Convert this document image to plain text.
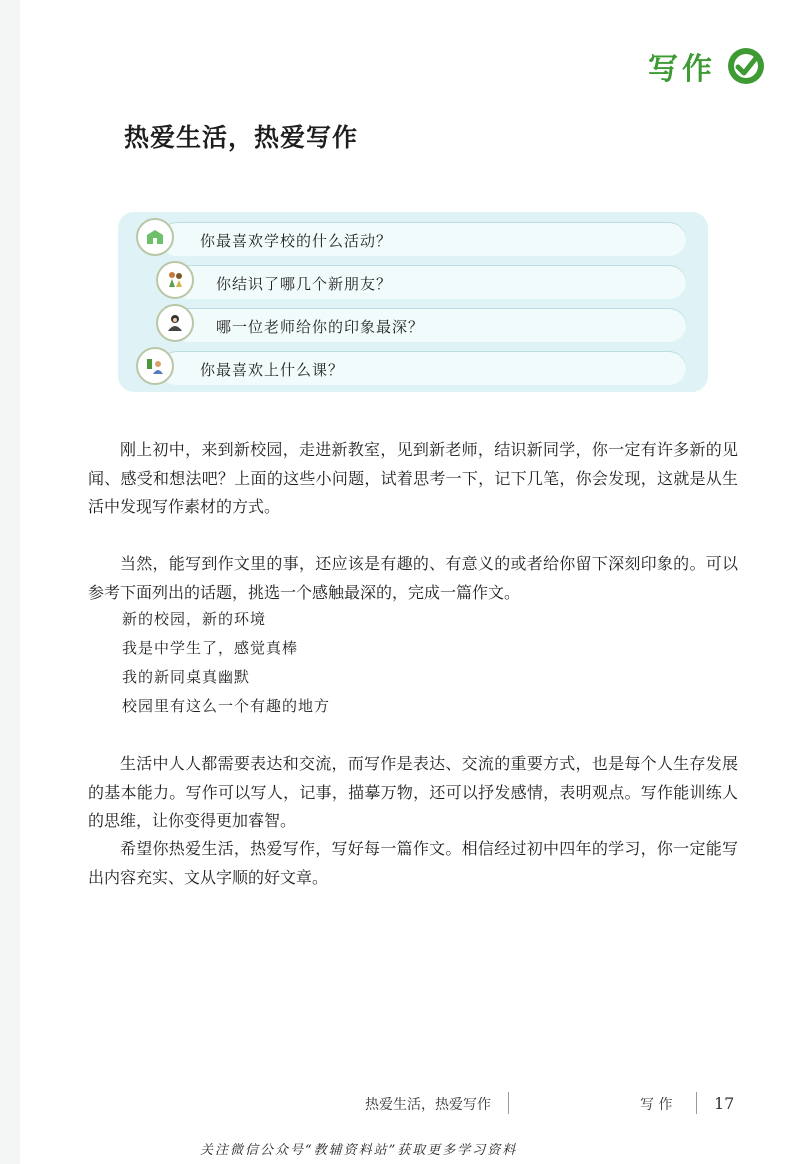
写作
热爱生活，热爱写作
你最喜欢学校的什么活动？
你结识了哪几个新朋友？
哪一位老师给你的印象最深？
你最喜欢上什么课？

刚上初中，来到新校园，走进新教室，见到新老师，结识新同学，你一定有许多新的见闻、感受和想法吧？上面的这些小问题，试着思考一下，记下几笔，你会发现，这就是从生活中发现写作素材的方式。

当然，能写到作文里的事，还应该是有趣的、有意义的或者给你留下深刻印象的。可以参考下面列出的话题，挑选一个感触最深的，完成一篇作文。

新的校园，新的环境
我是中学生了，感觉真棒
我的新同桌真幽默
校园里有这么一个有趣的地方

生活中人人都需要表达和交流，而写作是表达、交流的重要方式，也是每个人生存发展的基本能力。写作可以写人，记事，描摹万物，还可以抒发感情，表明观点。写作能训练人的思维，让你变得更加睿智。

希望你热爱生活，热爱写作，写好每一篇作文。相信经过初中四年的学习，你一定能写出内容充实、文从字顺的好文章。

热爱生活，热爱写作	写 作	17
关注微信公众号“教辅资料站”获取更多学习资料
